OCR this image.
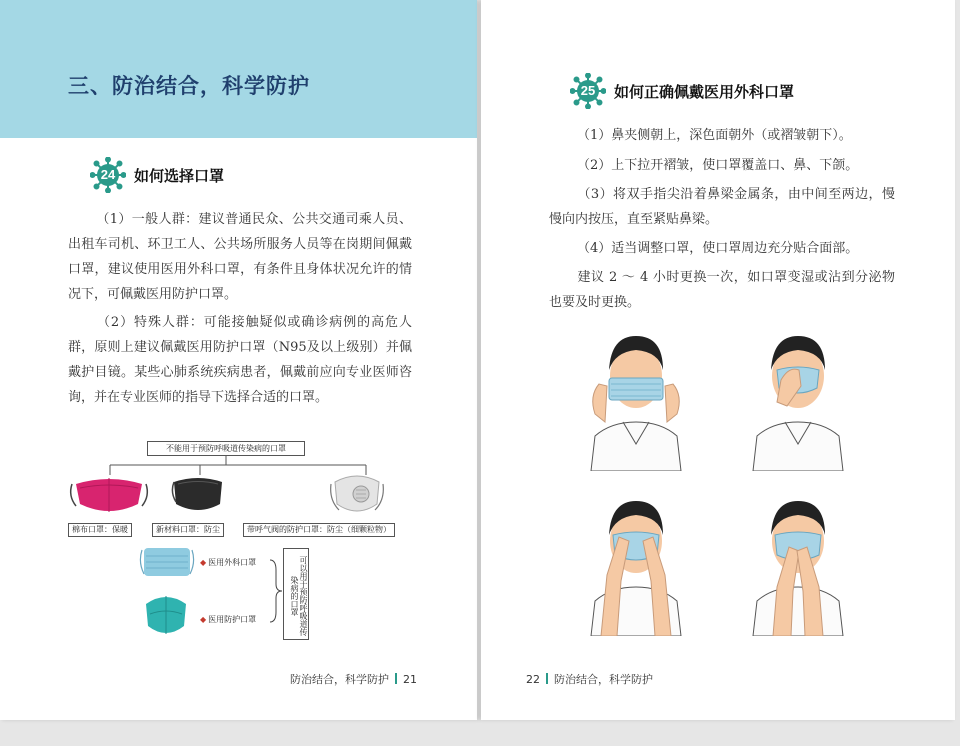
三、防治结合，科学防护
24	如何选择口罩
（1）一般人群：建议普通民众、公共交通司乘人员、出租车司机、环卫工人、公共场所服务人员等在岗期间佩戴口罩，建议使用医用外科口罩，有条件且身体状况允许的情况下，可佩戴医用防护口罩。
（2）特殊人群：可能接触疑似或确诊病例的高危人群，原则上建议佩戴医用防护口罩（N95及以上级别）并佩戴护目镜。某些心肺系统疾病患者，佩戴前应向专业医师咨询，并在专业医师的指导下选择合适的口罩。
不能用于预防呼吸道传染病的口罩
棉布口罩：保暖	新材料口罩：防尘	带呼气阀的防护口罩：防尘（细颗粒物）
◆ 医用外科口罩
◆ 医用防护口罩	可以用于预防呼吸道传染病的口罩
防治结合，科学防护 21
25	如何正确佩戴医用外科口罩
（1）鼻夹侧朝上，深色面朝外（或褶皱朝下）。
（2）上下拉开褶皱，使口罩覆盖口、鼻、下颌。
（3）将双手指尖沿着鼻梁金属条，由中间至两边，慢慢向内按压，直至紧贴鼻梁。
（4）适当调整口罩，使口罩周边充分贴合面部。
建议 2 ～ 4 小时更换一次，如口罩变湿或沾到分泌物也要及时更换。
22 防治结合，科学防护
